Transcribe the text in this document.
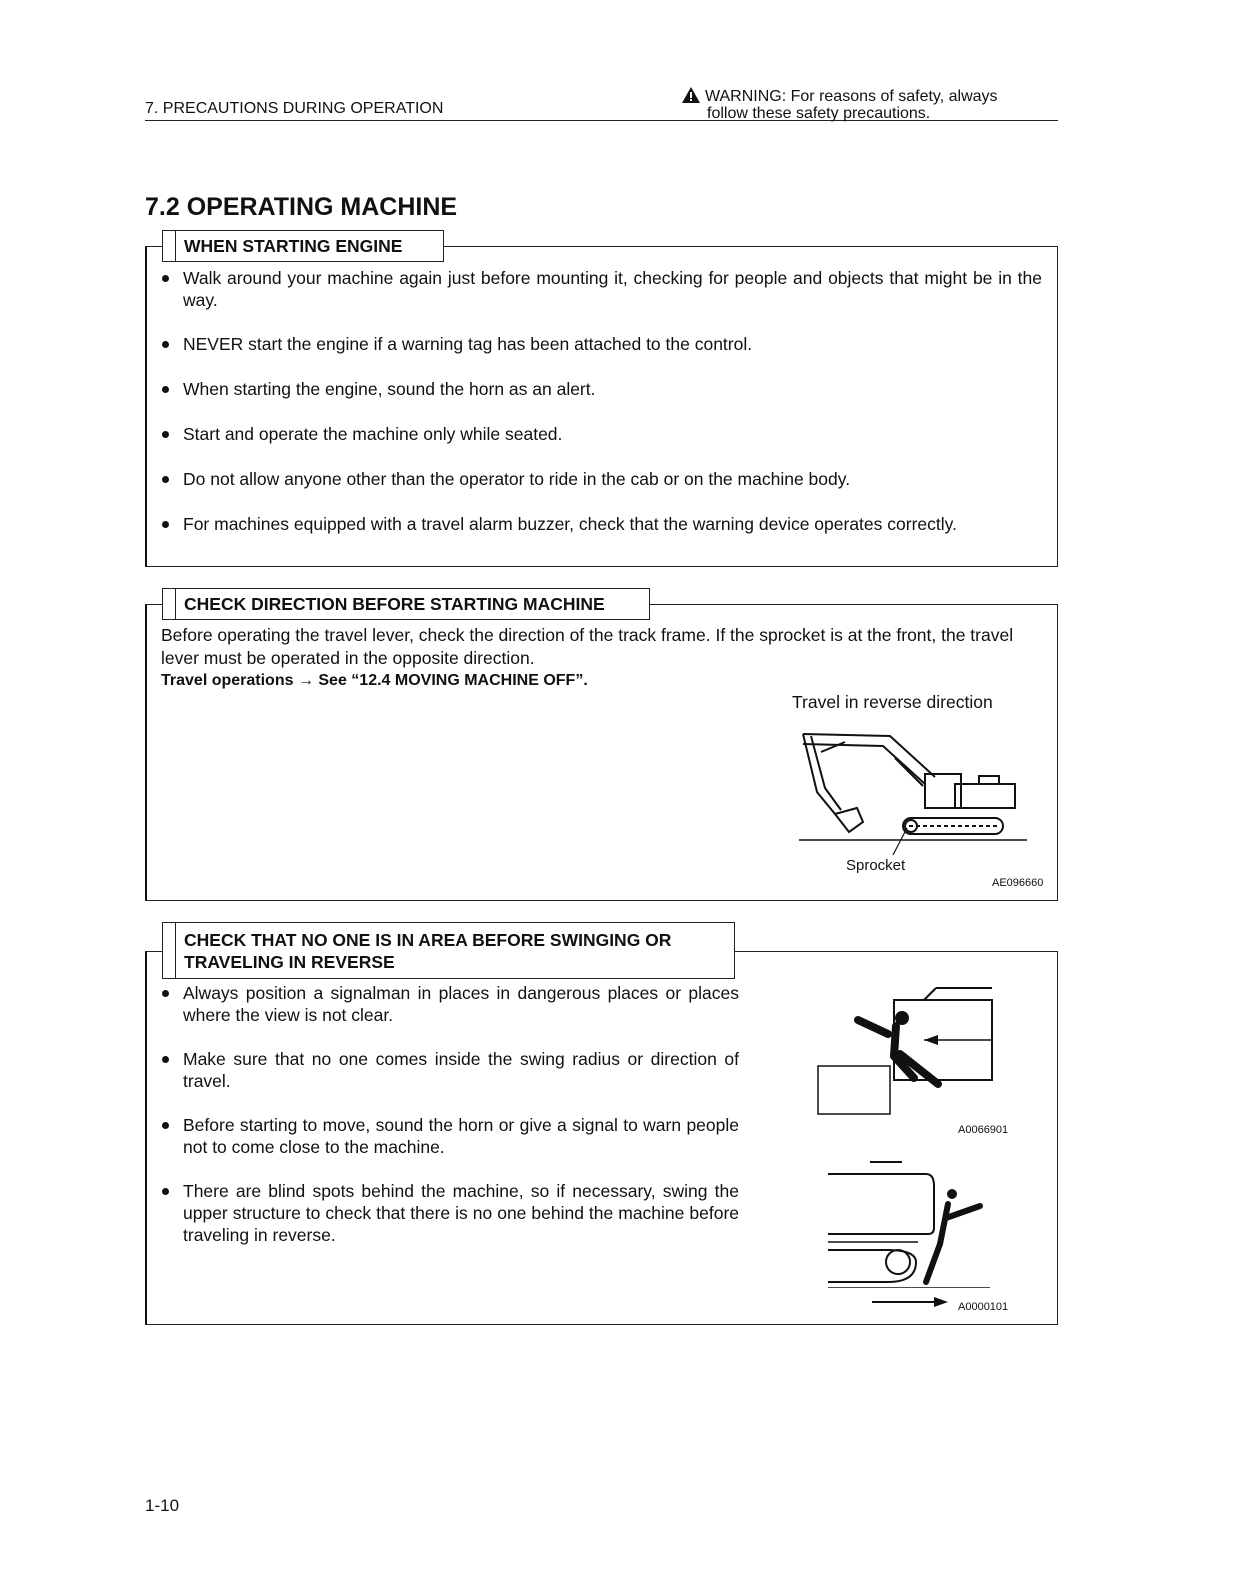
7. PRECAUTIONS DURING OPERATION
WARNING: For reasons of safety, always
follow these safety precautions.
7.2 OPERATING MACHINE
WHEN STARTING ENGINE
Walk around your machine again just before mounting it, checking for people and objects that might be in the way.
NEVER start the engine if a warning tag has been attached to the control.
When starting the engine, sound the horn as an alert.
Start and operate the machine only while seated.
Do not allow anyone other than the operator to ride in the cab or on the machine body.
For machines equipped with a travel alarm buzzer, check that the warning device operates correctly.
CHECK DIRECTION BEFORE STARTING MACHINE
Before operating the travel lever, check the direction of the track frame. If the sprocket is at the front, the travel lever must be operated in the opposite direction.
Travel operations → See “12.4 MOVING MACHINE OFF”.
Travel in reverse direction
Sprocket
AE096660
CHECK THAT NO ONE IS IN AREA BEFORE SWINGING OR
TRAVELING IN REVERSE
Always position a signalman in places in dangerous places or places where the view is not clear.
Make sure that no one comes inside the swing radius or direction of travel.
Before starting to move, sound the horn or give a signal to warn people not to come close to the machine.
There are blind spots behind the machine, so if necessary, swing the upper structure to check that there is no one behind the machine before traveling in reverse.
A0066901
A0000101
1-10
